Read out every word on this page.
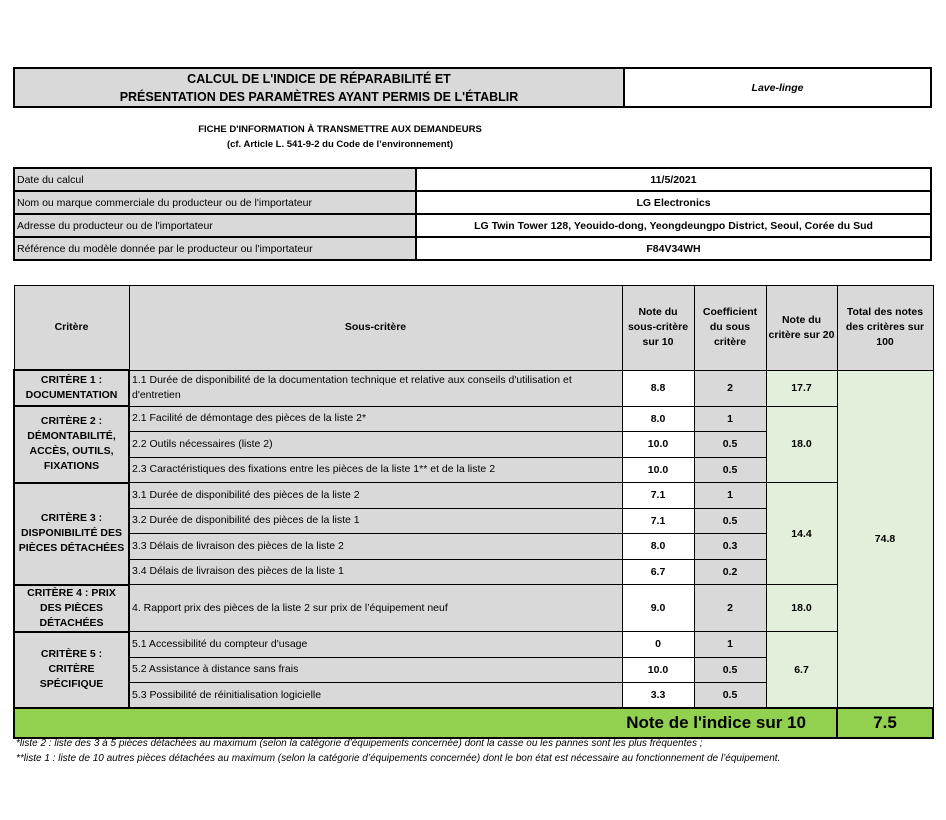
CALCUL DE L'INDICE DE RÉPARABILITÉ ET
PRÉSENTATION DES PARAMÈTRES AYANT PERMIS DE L'ÉTABLIR
Lave-linge
FICHE D'INFORMATION À TRANSMETTRE AUX DEMANDEURS
(cf. Article L. 541-9-2 du Code de l’environnement)
Date du calcul	11/5/2021
Nom ou marque commerciale du producteur ou de l'importateur	LG Electronics
Adresse du producteur ou de l'importateur	LG Twin Tower 128, Yeouido-dong, Yeongdeungpo District, Seoul, Corée du Sud
Référence du modèle donnée par le producteur ou l'importateur	F84V34WH
Critère	Sous-critère	Note du sous-critère sur 10	Coefficient du sous critère	Note du critère sur 20	Total des notes des critères sur 100
CRITÈRE 1 : DOCUMENTATION	1.1 Durée de disponibilité de la documentation technique et relative aux conseils d'utilisation et d'entretien	8.8	2	17.7	74.8
CRITÈRE 2 : DÉMONTABILITÉ, ACCÈS, OUTILS, FIXATIONS	2.1 Facilité de démontage des pièces de la liste 2*	8.0	1	18.0	
	2.2 Outils nécessaires (liste 2)	10.0	0.5		
	2.3 Caractéristiques des fixations entre les pièces de la liste 1** et de la liste 2	10.0	0.5		
CRITÈRE 3 : DISPONIBILITÉ DES PIÈCES DÉTACHÉES	3.1 Durée de disponibilité des pièces de la liste 2	7.1	1	14.4	
	3.2 Durée de disponibilité des pièces de la liste 1	7.1	0.5		
	3.3 Délais de livraison des pièces de la liste 2	8.0	0.3		
	3.4 Délais de livraison des pièces de la liste 1	6.7	0.2		
CRITÈRE 4 : PRIX DES PIÈCES DÉTACHÉES	4. Rapport prix des pièces de la liste 2 sur prix de l’équipement neuf	9.0	2	18.0	
CRITÈRE 5 : CRITÈRE SPÉCIFIQUE	5.1 Accessibilité du compteur d'usage	0	1	6.7	
	5.2 Assistance à distance sans frais	10.0	0.5		
	5.3 Possibilité de réinitialisation logicielle	3.3	0.5		
Note de l'indice sur 10					7.5
*liste 2 : liste des 3 à 5 pièces détachées au maximum (selon la catégorie d’équipements concernée) dont la casse ou les pannes sont les plus fréquentes ;
**liste 1 : liste de 10 autres pièces détachées au maximum (selon la catégorie d’équipements concernée) dont le bon état est nécessaire au fonctionnement de l’équipement.
